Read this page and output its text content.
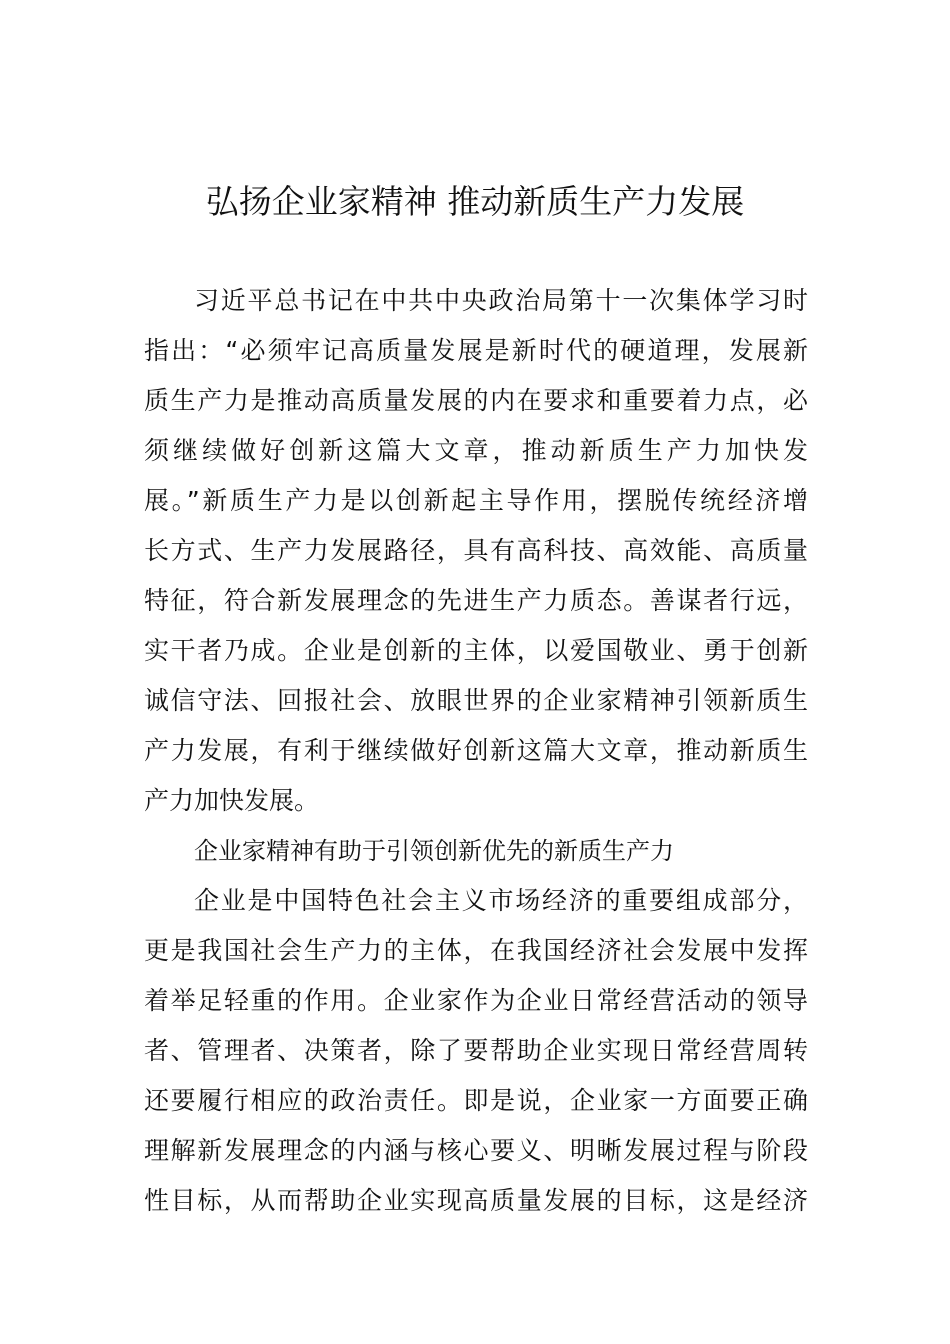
弘扬企业家精神 推动新质生产力发展
习近平总书记在中共中央政治局第十一次集体学习时
指出：“必须牢记高质量发展是新时代的硬道理，发展新
质生产力是推动高质量发展的内在要求和重要着力点，必
须继续做好创新这篇大文章，推动新质生产力加快发
展。”新质生产力是以创新起主导作用，摆脱传统经济增
长方式、生产力发展路径，具有高科技、高效能、高质量
特征，符合新发展理念的先进生产力质态。善谋者行远，
实干者乃成。企业是创新的主体，以爱国敬业、勇于创新
诚信守法、回报社会、放眼世界的企业家精神引领新质生
产力发展，有利于继续做好创新这篇大文章，推动新质生
产力加快发展。
企业家精神有助于引领创新优先的新质生产力
企业是中国特色社会主义市场经济的重要组成部分，
更是我国社会生产力的主体，在我国经济社会发展中发挥
着举足轻重的作用。企业家作为企业日常经营活动的领导
者、管理者、决策者，除了要帮助企业实现日常经营周转
还要履行相应的政治责任。即是说，企业家一方面要正确
理解新发展理念的内涵与核心要义、明晰发展过程与阶段
性目标，从而帮助企业实现高质量发展的目标，这是经济
